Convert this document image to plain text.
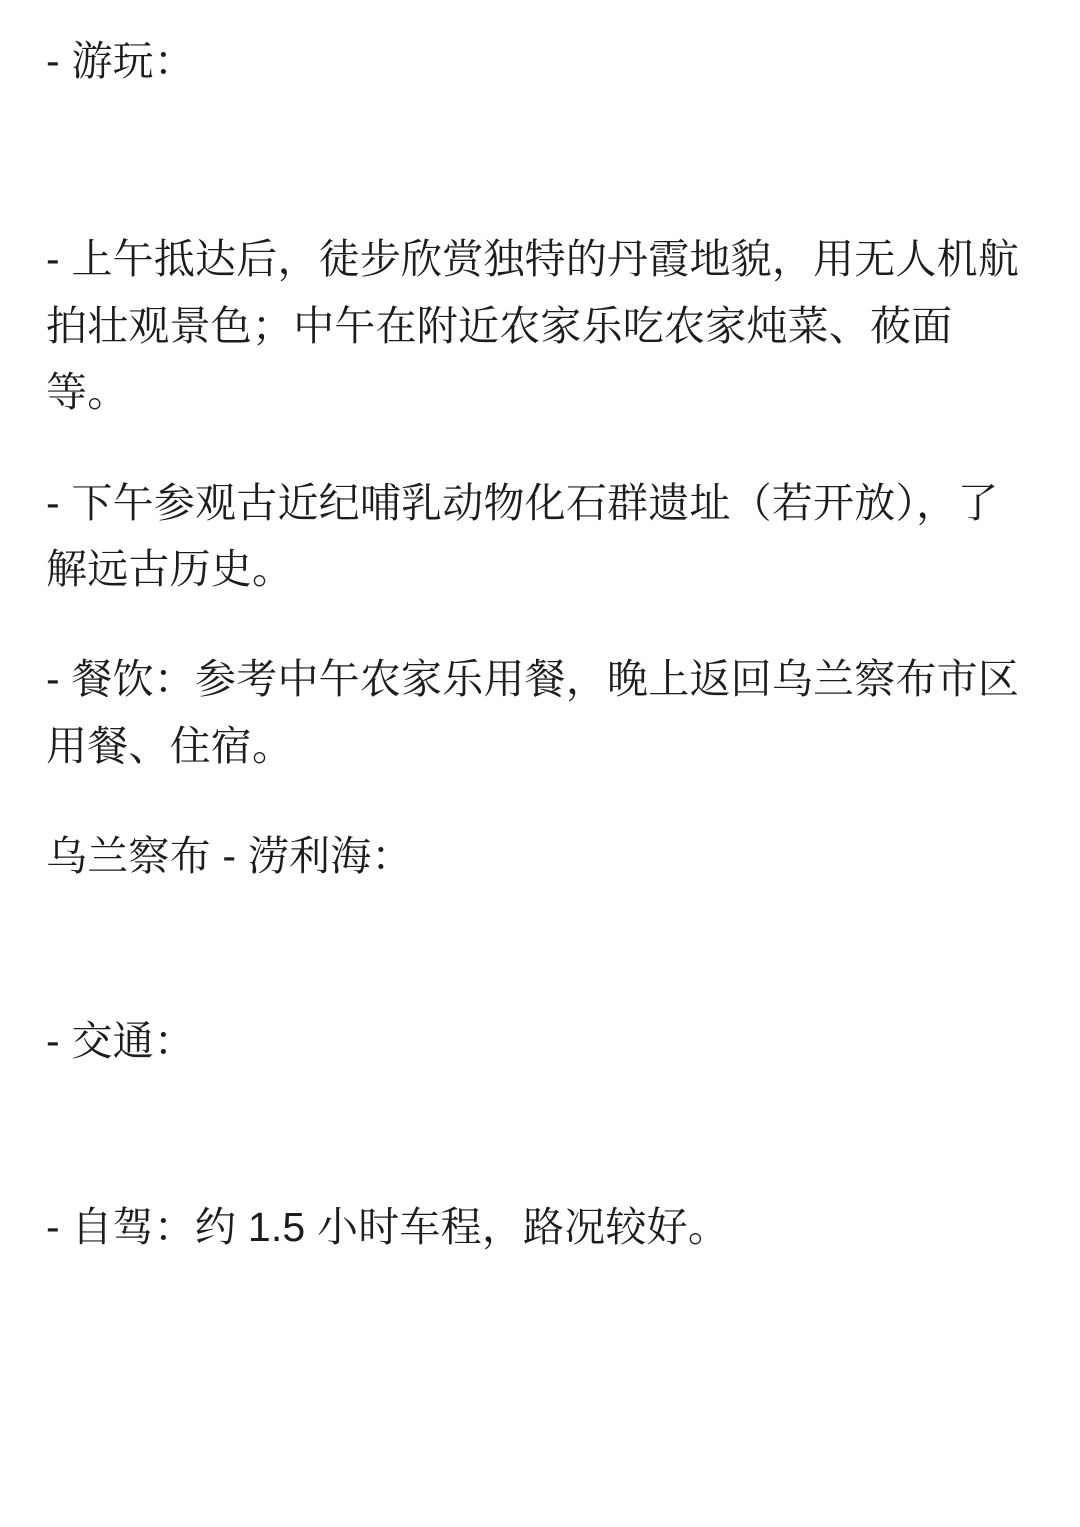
- 游玩：

- 上午抵达后，徒步欣赏独特的丹霞地貌，用无人机航拍壮观景色；中午在附近农家乐吃农家炖菜、莜面等。

- 下午参观古近纪哺乳动物化石群遗址（若开放），了解远古历史。

- 餐饮：参考中午农家乐用餐，晚上返回乌兰察布市区用餐、住宿。

乌兰察布 - 涝利海：

- 交通：

- 自驾：约 1.5 小时车程，路况较好。
